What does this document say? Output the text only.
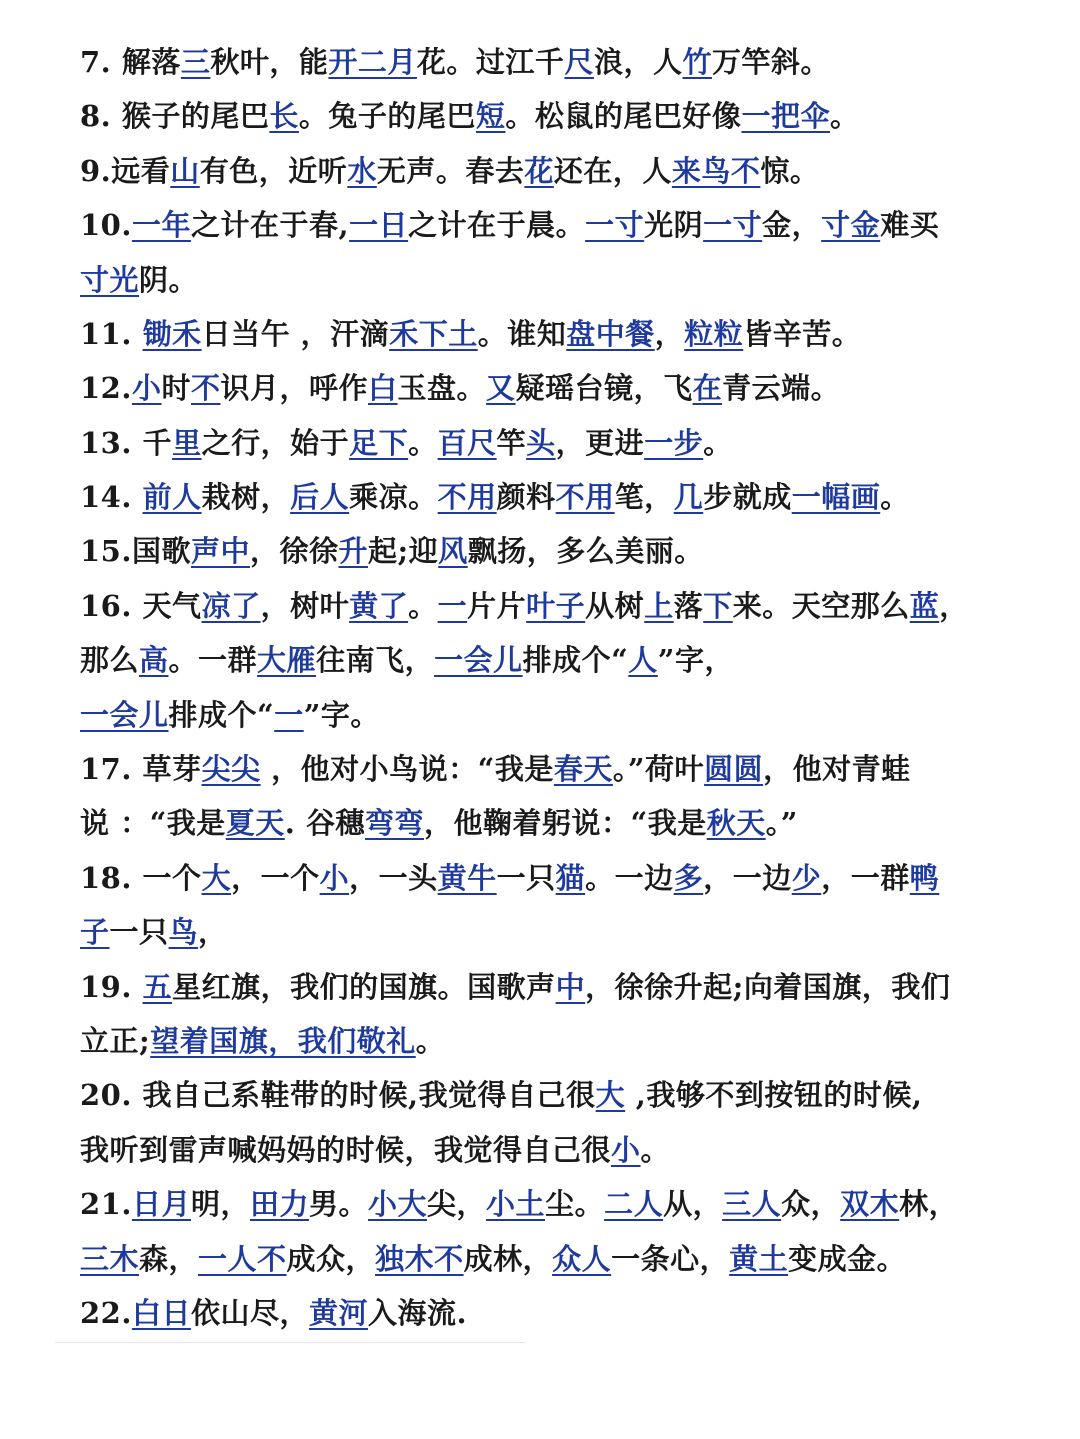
7. 解落三秋叶，能开二月花。过江千尺浪，人竹万竿斜。
8. 猴子的尾巴长。兔子的尾巴短。松鼠的尾巴好像一把伞。
9.远看山有色，近听水无声。春去花还在，人来鸟不惊。
10.一年之计在于春,一日之计在于晨。一寸光阴一寸金，寸金难买
寸光阴。
11. 锄禾日当午 ，汗滴禾下土。谁知盘中餐，粒粒皆辛苦。
12.小时不识月，呼作白玉盘。又疑瑶台镜，飞在青云端。
13. 千里之行，始于足下。百尺竿头，更进一步。
14. 前人栽树，后人乘凉。不用颜料不用笔，几步就成一幅画。
15.国歌声中，徐徐升起;迎风飘扬，多么美丽。
16. 天气凉了，树叶黄了。一片片叶子从树上落下来。天空那么蓝，
那么高。一群大雁往南飞，一会儿排成个“人”字，
一会儿排成个“一”字。
17. 草芽尖尖 ，他对小鸟说：“我是春天。”荷叶圆圆，他对青蛙
说 ：“我是夏天. 谷穗弯弯，他鞠着躬说：“我是秋天。”
18. 一个大，一个小，一头黄牛一只猫。一边多，一边少，一群鸭
子一只鸟，
19. 五星红旗，我们的国旗。国歌声中，徐徐升起;向着国旗，我们
立正;望着国旗，我们敬礼。
20. 我自己系鞋带的时候,我觉得自己很大 ,我够不到按钮的时候,
我听到雷声喊妈妈的时候，我觉得自己很小。
21.日月明，田力男。小大尖，小土尘。二人从，三人众，双木林，
三木森，一人不成众，独木不成林，众人一条心，黄土变成金。
22.白日依山尽，黄河入海流.
